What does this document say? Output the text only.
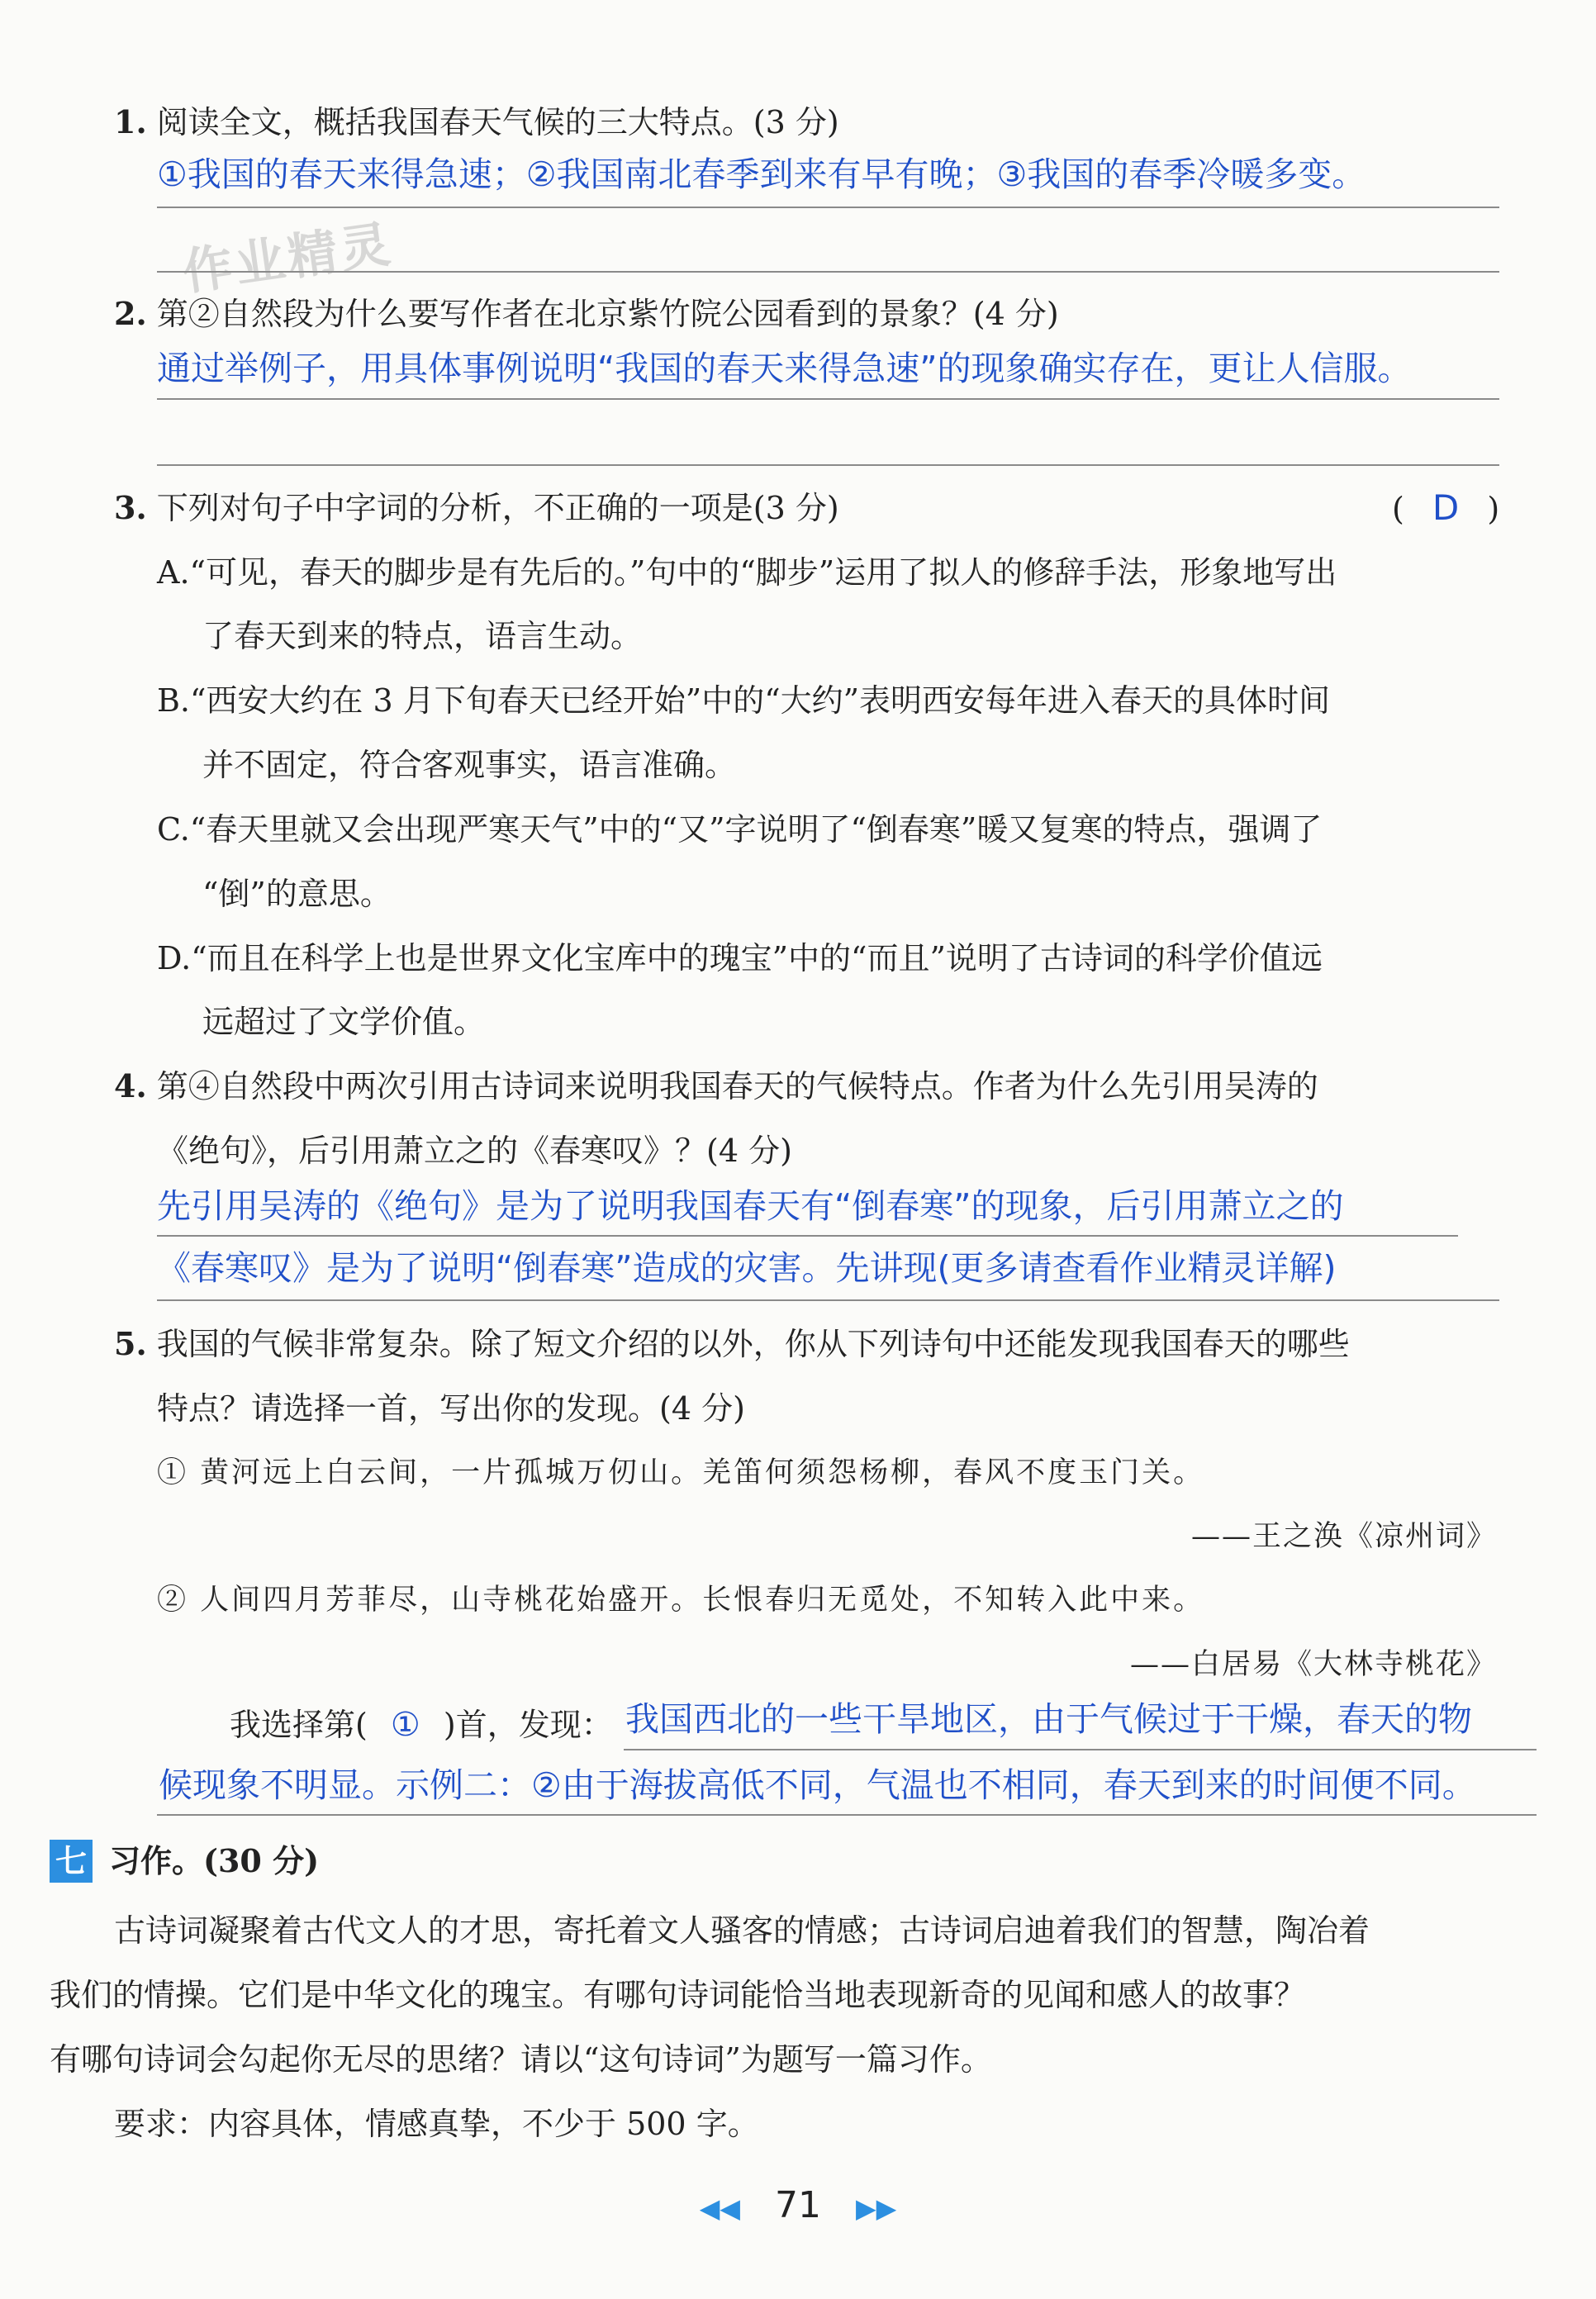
作业精灵
1. 阅读全文，概括我国春天气候的三大特点。(3 分)
①我国的春天来得急速；②我国南北春季到来有早有晚；③我国的春季冷暖多变。
2. 第②自然段为什么要写作者在北京紫竹院公园看到的景象？(4 分)
通过举例子，用具体事例说明“我国的春天来得急速”的现象确实存在，更让人信服。
3. 下列对句子中字词的分析，不正确的一项是(3 分)	( D )
A.“可见，春天的脚步是有先后的。”句中的“脚步”运用了拟人的修辞手法，形象地写出
了春天到来的特点，语言生动。
B.“西安大约在 3 月下旬春天已经开始”中的“大约”表明西安每年进入春天的具体时间
并不固定，符合客观事实，语言准确。
C.“春天里就又会出现严寒天气”中的“又”字说明了“倒春寒”暖又复寒的特点，强调了
“倒”的意思。
D.“而且在科学上也是世界文化宝库中的瑰宝”中的“而且”说明了古诗词的科学价值远
远超过了文学价值。
4. 第④自然段中两次引用古诗词来说明我国春天的气候特点。作者为什么先引用吴涛的
《绝句》，后引用萧立之的《春寒叹》？(4 分)
先引用吴涛的《绝句》是为了说明我国春天有“倒春寒”的现象，后引用萧立之的
《春寒叹》是为了说明“倒春寒”造成的灾害。先讲现(更多请查看作业精灵详解)
5. 我国的气候非常复杂。除了短文介绍的以外，你从下列诗句中还能发现我国春天的哪些
特点？请选择一首，写出你的发现。(4 分)
① 黄河远上白云间，一片孤城万仞山。羌笛何须怨杨柳，春风不度玉门关。
——王之涣《凉州词》
② 人间四月芳菲尽，山寺桃花始盛开。长恨春归无觅处，不知转入此中来。
——白居易《大林寺桃花》
我选择第( ① )首，发现： 我国西北的一些干旱地区，由于气候过于干燥，春天的物
候现象不明显。示例二：②由于海拔高低不同，气温也不相同，春天到来的时间便不同。
七 习作。(30 分)
古诗词凝聚着古代文人的才思，寄托着文人骚客的情感；古诗词启迪着我们的智慧，陶冶着
我们的情操。它们是中华文化的瑰宝。有哪句诗词能恰当地表现新奇的见闻和感人的故事？
有哪句诗词会勾起你无尽的思绪？请以“这句诗词”为题写一篇习作。
要求：内容具体，情感真挚，不少于 500 字。
◀◀ 71 ▶▶
